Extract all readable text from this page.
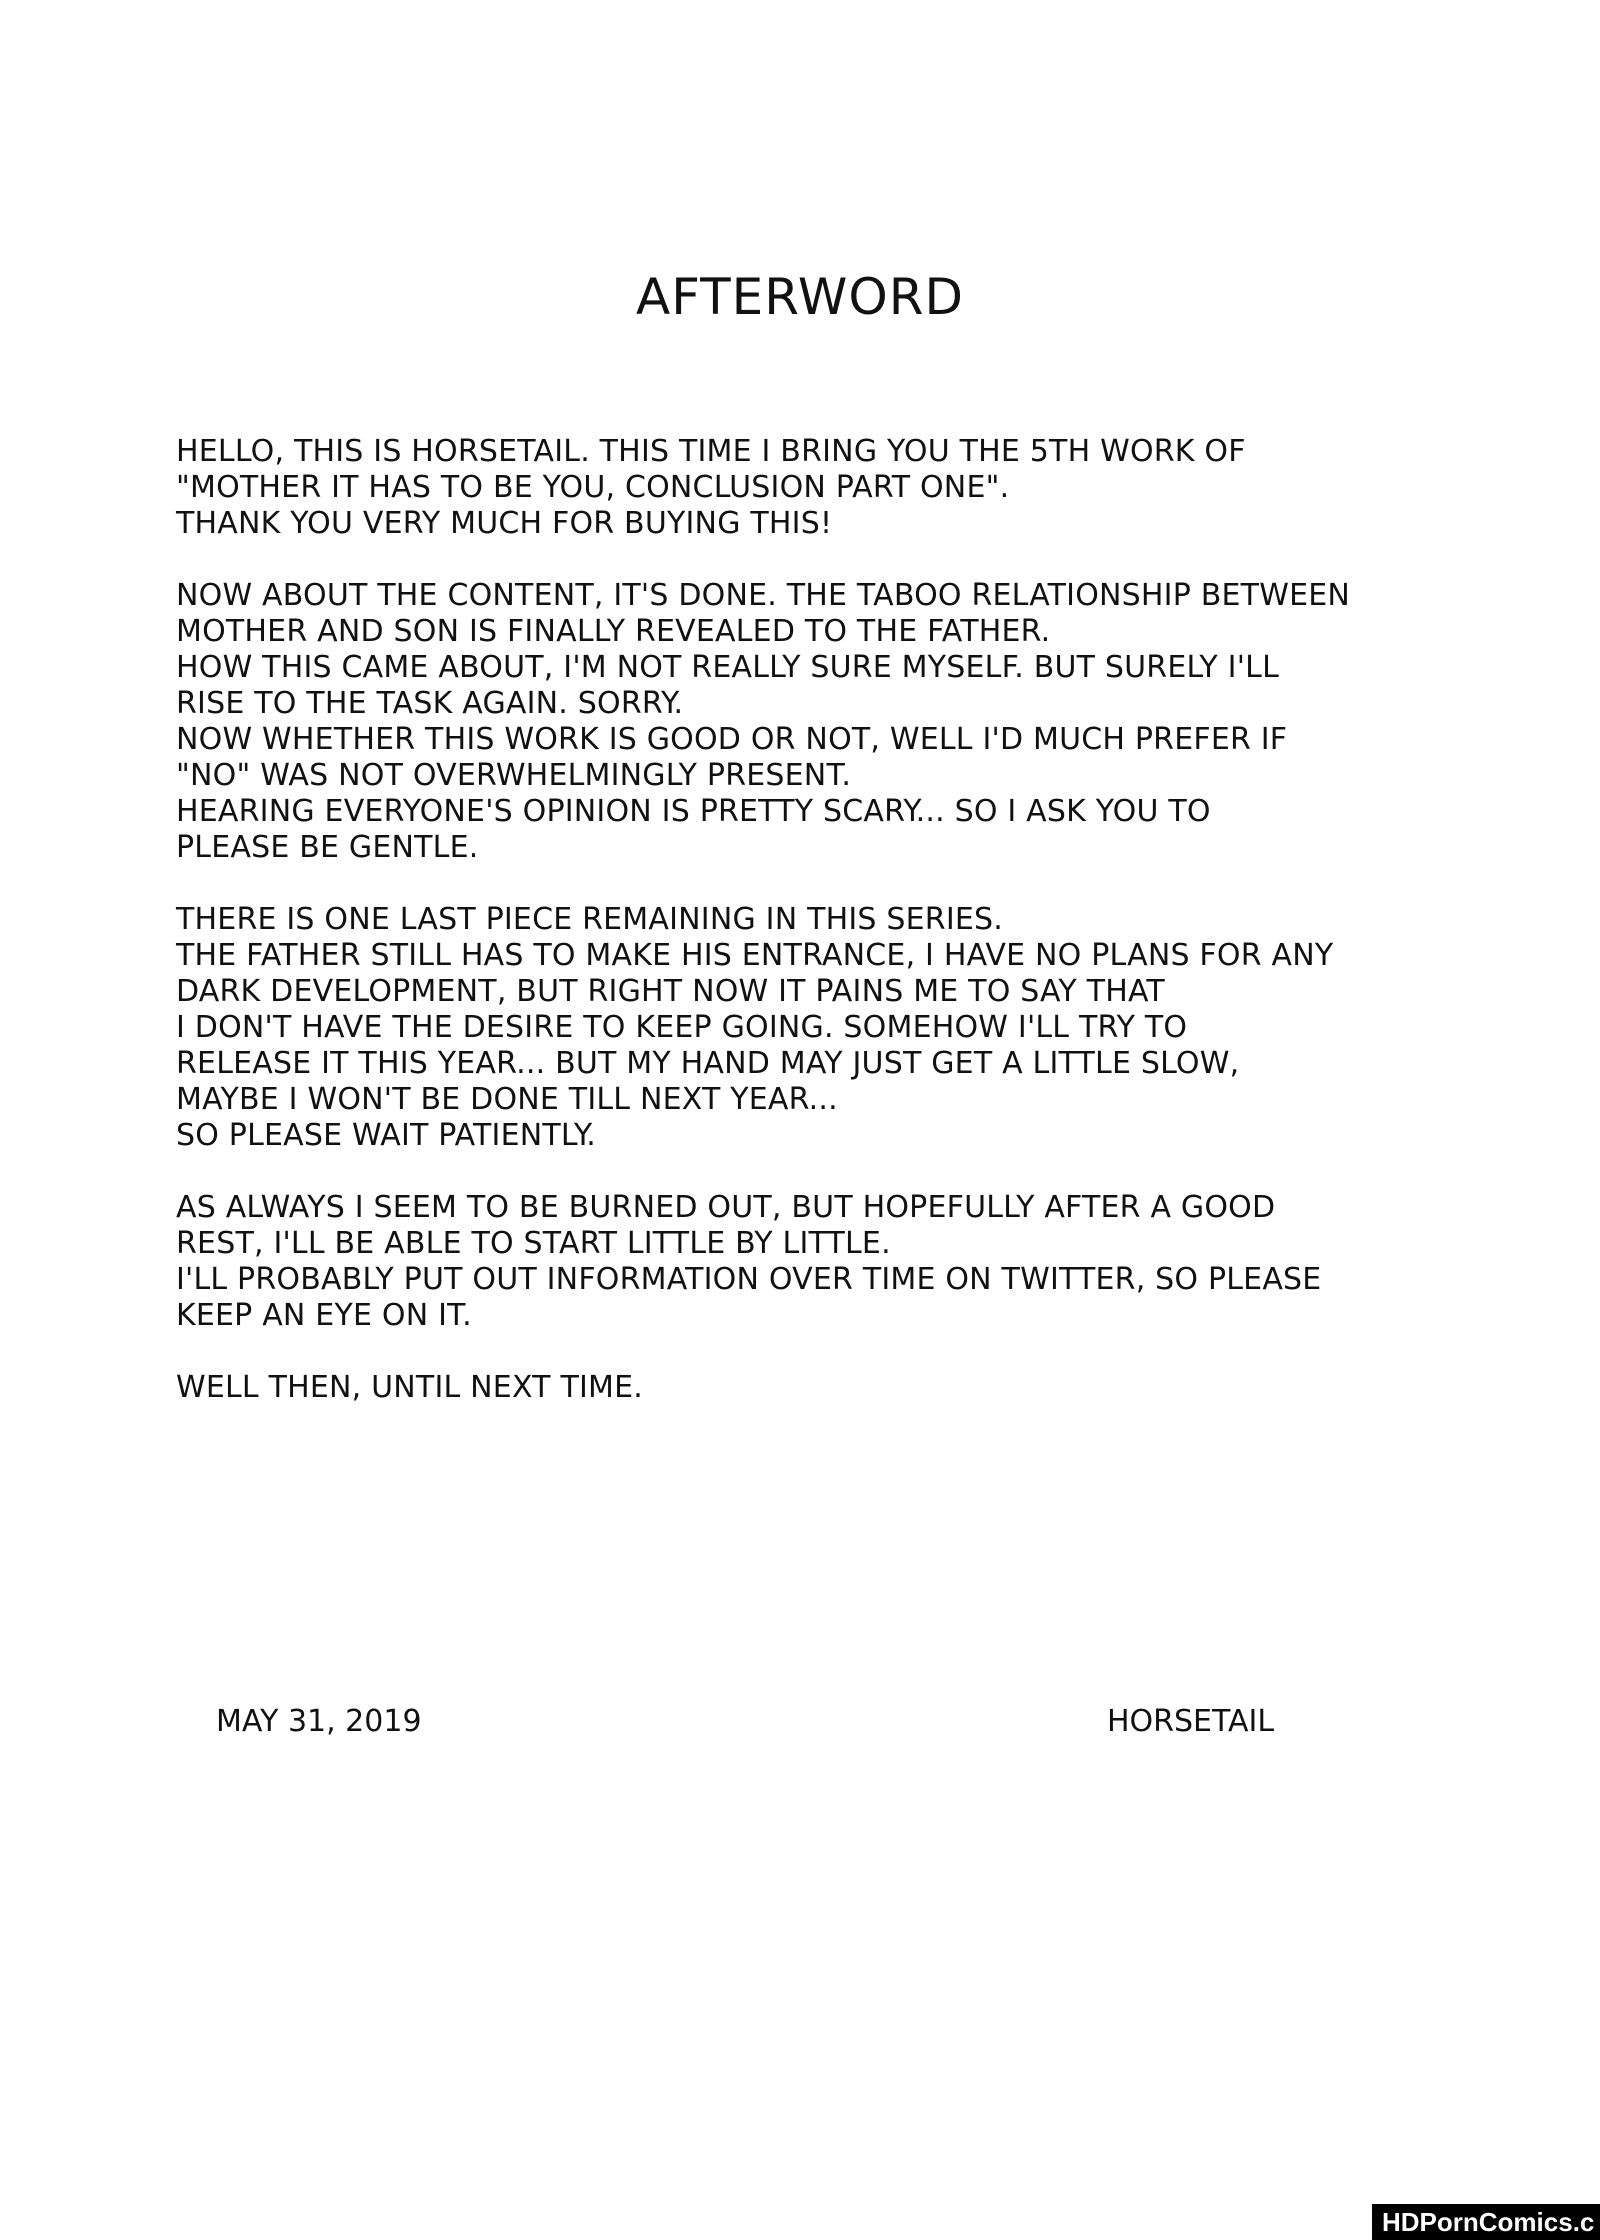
AFTERWORD
HELLO, THIS IS HORSETAIL. THIS TIME I BRING YOU THE 5TH WORK OF
"MOTHER IT HAS TO BE YOU, CONCLUSION PART ONE".
THANK YOU VERY MUCH FOR BUYING THIS!
NOW ABOUT THE CONTENT, IT'S DONE. THE TABOO RELATIONSHIP BETWEEN
MOTHER AND SON IS FINALLY REVEALED TO THE FATHER.
HOW THIS CAME ABOUT, I'M NOT REALLY SURE MYSELF. BUT SURELY I'LL
RISE TO THE TASK AGAIN. SORRY.
NOW WHETHER THIS WORK IS GOOD OR NOT, WELL I'D MUCH PREFER IF
"NO" WAS NOT OVERWHELMINGLY PRESENT.
HEARING EVERYONE'S OPINION IS PRETTY SCARY... SO I ASK YOU TO
PLEASE BE GENTLE.
THERE IS ONE LAST PIECE REMAINING IN THIS SERIES.
THE FATHER STILL HAS TO MAKE HIS ENTRANCE, I HAVE NO PLANS FOR ANY
DARK DEVELOPMENT, BUT RIGHT NOW IT PAINS ME TO SAY THAT
I DON'T HAVE THE DESIRE TO KEEP GOING. SOMEHOW I'LL TRY TO
RELEASE IT THIS YEAR... BUT MY HAND MAY JUST GET A LITTLE SLOW,
MAYBE I WON'T BE DONE TILL NEXT YEAR...
SO PLEASE WAIT PATIENTLY.
AS ALWAYS I SEEM TO BE BURNED OUT, BUT HOPEFULLY AFTER A GOOD
REST, I'LL BE ABLE TO START LITTLE BY LITTLE.
I'LL PROBABLY PUT OUT INFORMATION OVER TIME ON TWITTER, SO PLEASE
KEEP AN EYE ON IT.
WELL THEN, UNTIL NEXT TIME.
MAY 31, 2019	HORSETAIL
HDPornComics.c
